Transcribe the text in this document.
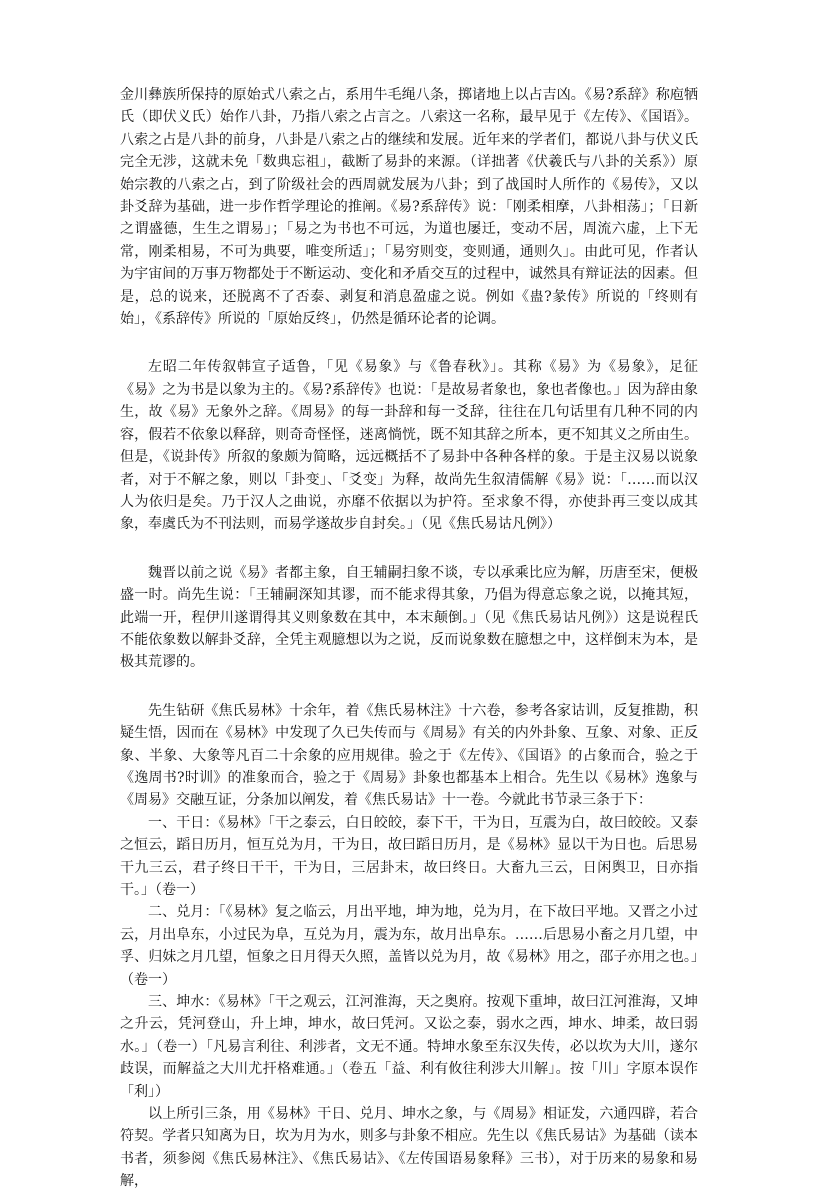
金川彝族所保持的原始式八索之占，系用牛毛绳八条，掷诸地上以占吉凶。《易?系辞》称庖牺氏（即伏义氏）始作八卦，乃指八索之占言之。八索这一名称，最早见于《左传》、《国语》。八索之占是八卦的前身，八卦是八索之占的继续和发展。近年来的学者们，都说八卦与伏义氏完全无涉，这就未免「数典忘祖」，截断了易卦的来源。（详拙著《伏羲氏与八卦的关系》）原始宗教的八索之占，到了阶级社会的西周就发展为八卦；到了战国时人所作的《易传》，又以卦爻辞为基础，进一步作哲学理论的推阐。《易?系辞传》说：「刚柔相摩，八卦相荡」；「日新之谓盛德，生生之谓易」；「易之为书也不可远，为道也屡迁，变动不居，周流六虚，上下无常，刚柔相易，不可为典要，唯变所适」；「易穷则变，变则通，通则久」。由此可见，作者认为宇宙间的万事万物都处于不断运动、变化和矛盾交互的过程中，诚然具有辩证法的因素。但是，总的说来，还脱离不了否泰、剥复和消息盈虚之说。例如《蛊?彖传》所说的「终则有始」，《系辞传》所说的「原始反终」，仍然是循环论者的论调。

左昭二年传叙韩宣子适鲁，「见《易象》与《鲁春秋》」。其称《易》为《易象》，足征《易》之为书是以象为主的。《易?系辞传》也说：「是故易者象也，象也者像也。」因为辞由象生，故《易》无象外之辞。《周易》的每一卦辞和每一爻辞，往往在几句话里有几种不同的内容，假若不依象以释辞，则奇奇怪怪，迷离惝恍，既不知其辞之所本，更不知其义之所由生。但是，《说卦传》所叙的象颇为简略，远远概括不了易卦中各种各样的象。于是主汉易以说象者，对于不解之象，则以「卦变」、「爻变」为释，故尚先生叙清儒解《易》说：「……而以汉人为依归是矣。乃于汉人之曲说，亦靡不依据以为护符。至求象不得，亦使卦再三变以成其象，奉虞氏为不刊法则，而易学遂故步自封矣。」（见《焦氏易诂凡例》）

魏晋以前之说《易》者都主象，自王辅嗣扫象不谈，专以承乘比应为解，历唐至宋，便极盛一时。尚先生说：「王辅嗣深知其谬，而不能求得其象，乃倡为得意忘象之说，以掩其短，此端一开，程伊川遂谓得其义则象数在其中，本末颠倒。」（见《焦氏易诂凡例》）这是说程氏不能依象数以解卦爻辞，全凭主观臆想以为之说，反而说象数在臆想之中，这样倒末为本，是极其荒谬的。

先生钻研《焦氏易林》十余年，着《焦氏易林注》十六卷，参考各家诂训，反复推勘，积疑生悟，因而在《易林》中发现了久已失传而与《周易》有关的内外卦象、互象、对象、正反象、半象、大象等凡百二十余象的应用规律。验之于《左传》、《国语》的占象而合，验之于《逸周书?时训》的准象而合，验之于《周易》卦象也都基本上相合。先生以《易林》逸象与《周易》交融互证，分条加以阐发，着《焦氏易诂》十一卷。今就此书节录三条于下：

一、干日：《易林》「干之泰云，白日皎皎，泰下干，干为日，互震为白，故曰皎皎。又泰之恒云，蹈日历月，恒互兑为月，干为日，故曰蹈日历月，是《易林》显以干为日也。后思易干九三云，君子终日干干，干为日，三居卦末，故曰终日。大畜九三云，日闲舆卫，日亦指干。」（卷一）

二、兑月：「《易林》复之临云，月出平地，坤为地，兑为月，在下故曰平地。又晋之小过云，月出阜东，小过民为阜，互兑为月，震为东，故月出阜东。……后思易小畜之月几望，中孚、归妹之月几望，恒象之日月得天久照，盖皆以兑为月，故《易林》用之，邵子亦用之也。」（卷一）

三、坤水：《易林》「干之观云，江河淮海，天之奥府。按观下重坤，故曰江河淮海，又坤之升云，凭河登山，升上坤，坤水，故曰凭河。又讼之泰，弱水之西，坤水、坤柔，故曰弱水。」（卷一）「凡易言利往、利涉者，文无不通。特坤水象至东汉失传，必以坎为大川，遂尔歧误，而解益之大川尤扞格难通。」（卷五「益、利有攸往利涉大川解」。按「川」字原本误作「利」）

以上所引三条，用《易林》干日、兑月、坤水之象，与《周易》相证发，六通四辟，若合符契。学者只知离为日，坎为月为水，则多与卦象不相应。先生以《焦氏易诂》为基础（读本书者，须参阅《焦氏易林注》、《焦氏易诂》、《左传国语易象释》三书），对于历来的易象和易解，
